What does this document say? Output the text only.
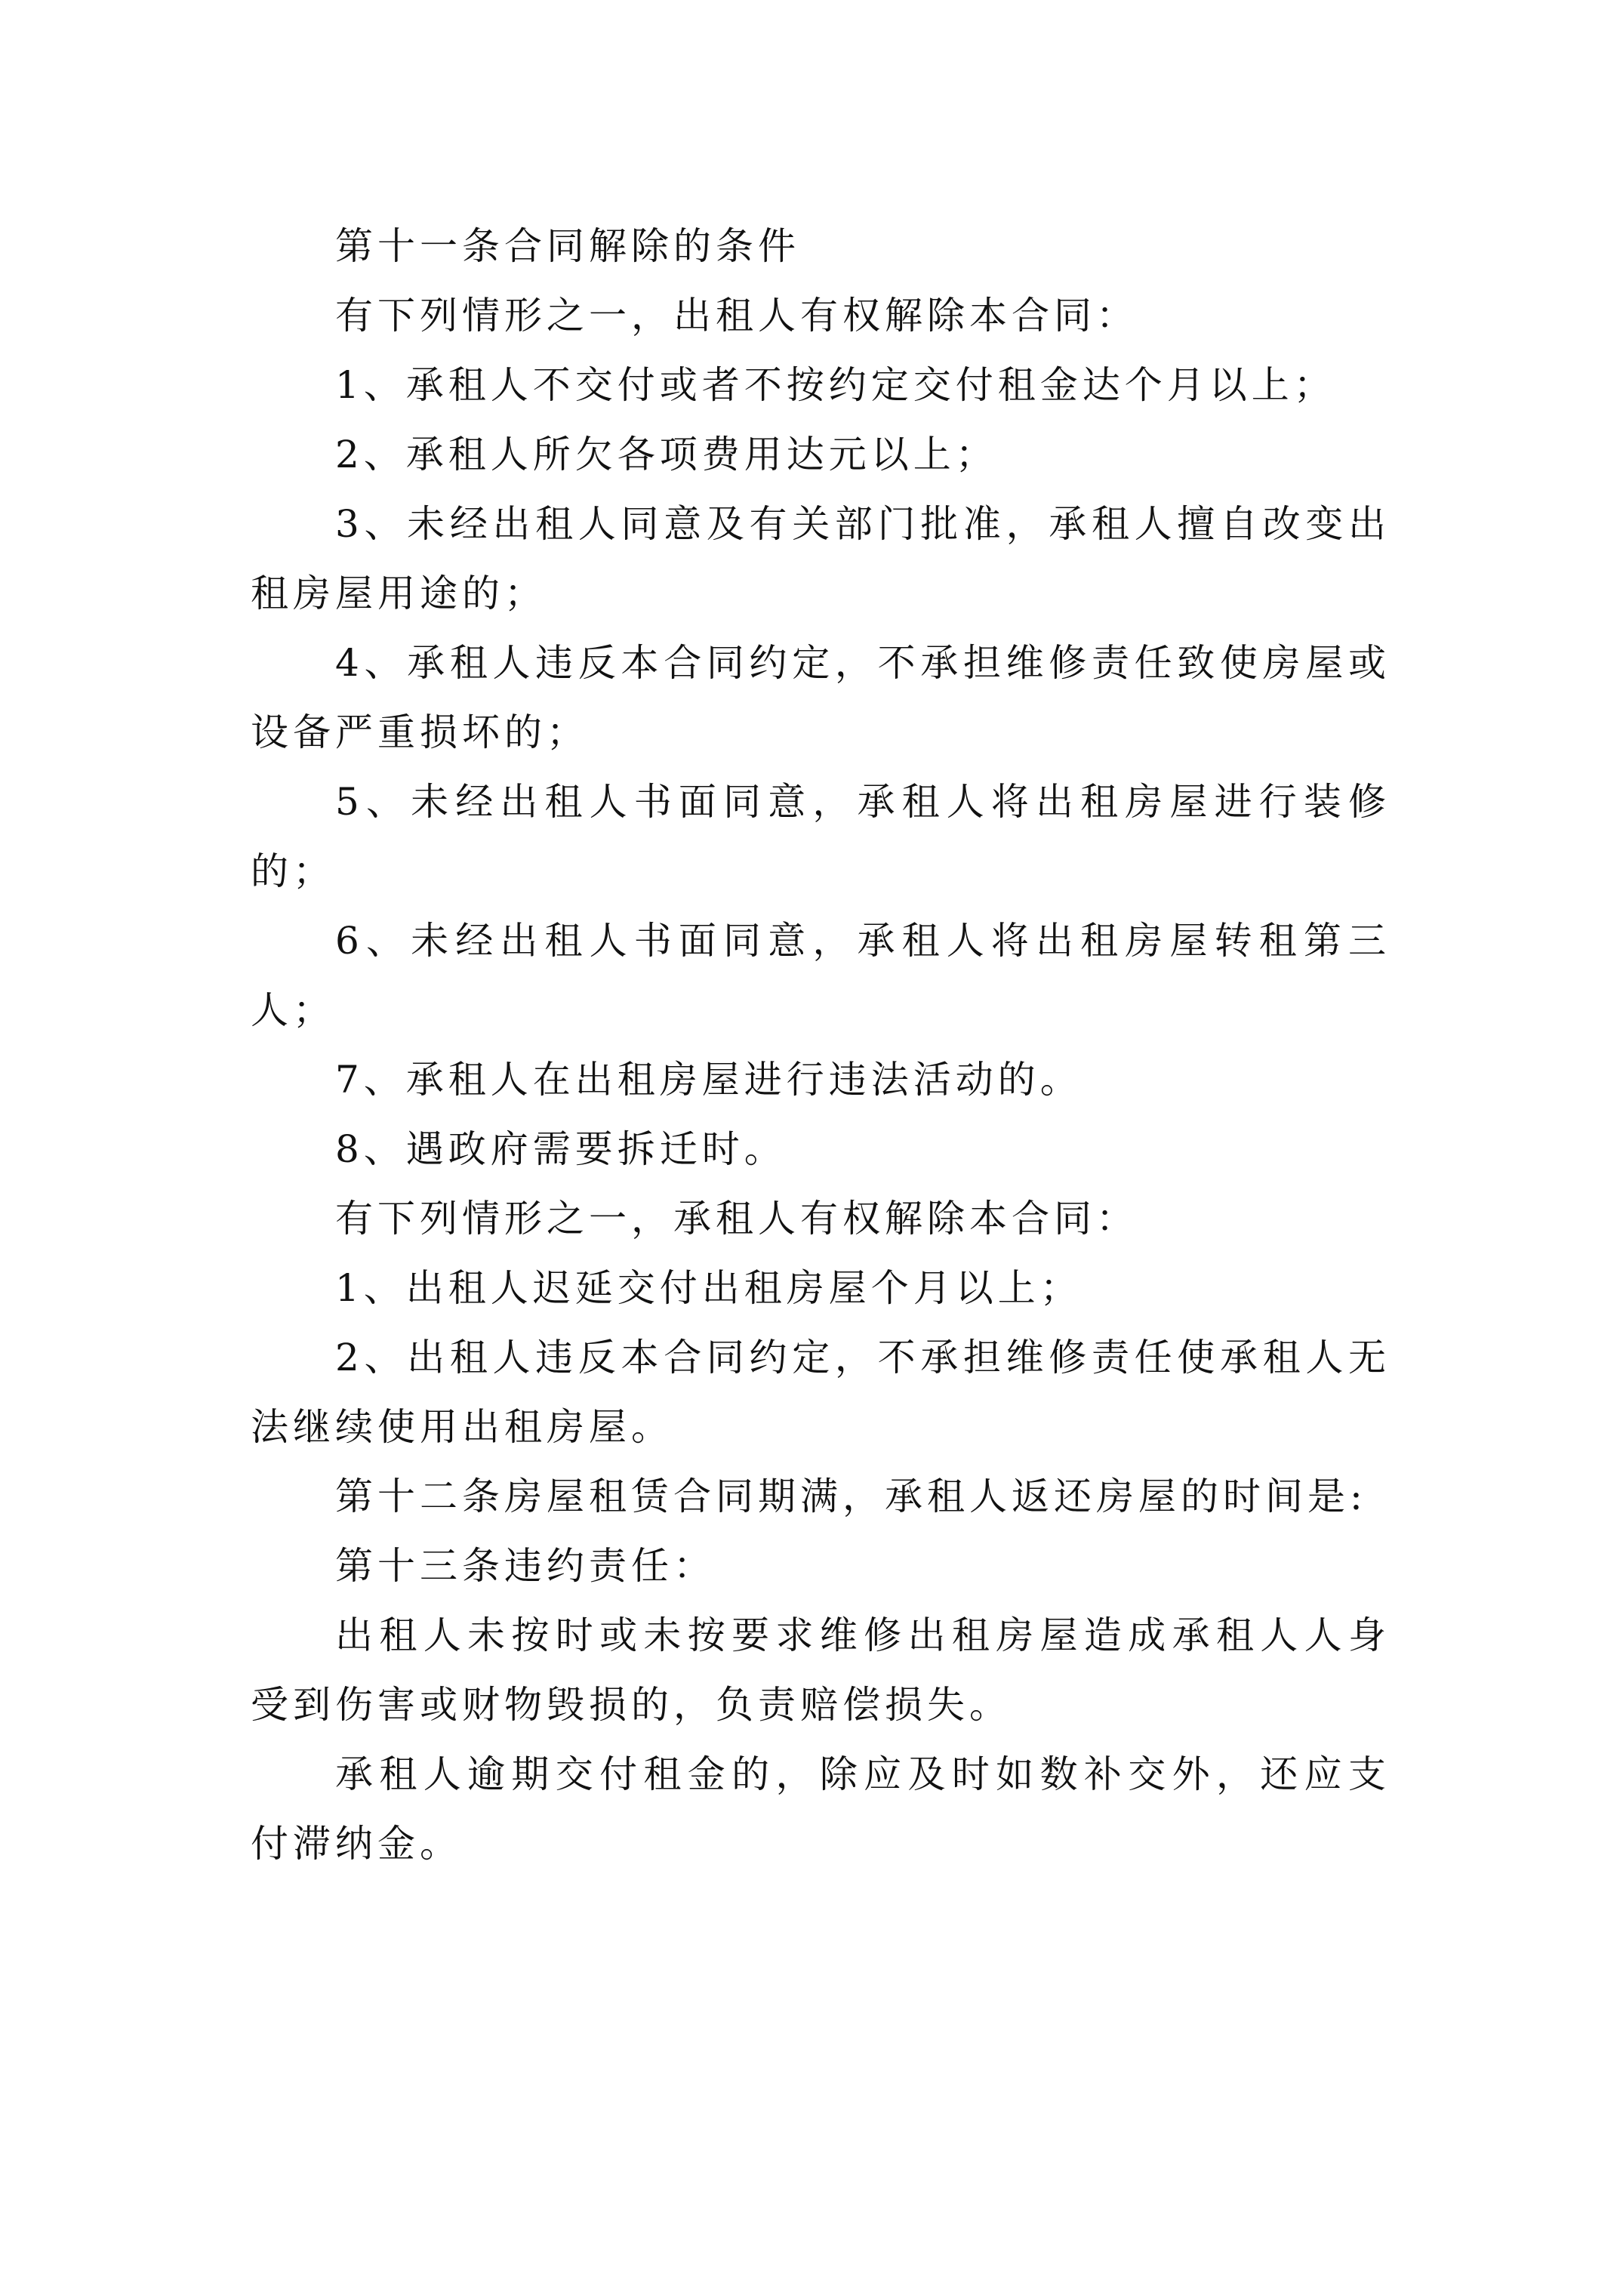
第十一条合同解除的条件

有下列情形之一，出租人有权解除本合同：

1、承租人不交付或者不按约定交付租金达个月以上；

2、承租人所欠各项费用达元以上；

3、未经出租人同意及有关部门批准，承租人擅自改变出租房屋用途的；

4、承租人违反本合同约定，不承担维修责任致使房屋或设备严重损坏的；

5、未经出租人书面同意，承租人将出租房屋进行装修的；

6、未经出租人书面同意，承租人将出租房屋转租第三人；

7、承租人在出租房屋进行违法活动的。

8、遇政府需要拆迁时。

有下列情形之一，承租人有权解除本合同：

1、出租人迟延交付出租房屋个月以上；

2、出租人违反本合同约定，不承担维修责任使承租人无法继续使用出租房屋。

第十二条房屋租赁合同期满，承租人返还房屋的时间是:

第十三条违约责任：

出租人未按时或未按要求维修出租房屋造成承租人人身受到伤害或财物毁损的，负责赔偿损失。

承租人逾期交付租金的，除应及时如数补交外，还应支付滞纳金。
